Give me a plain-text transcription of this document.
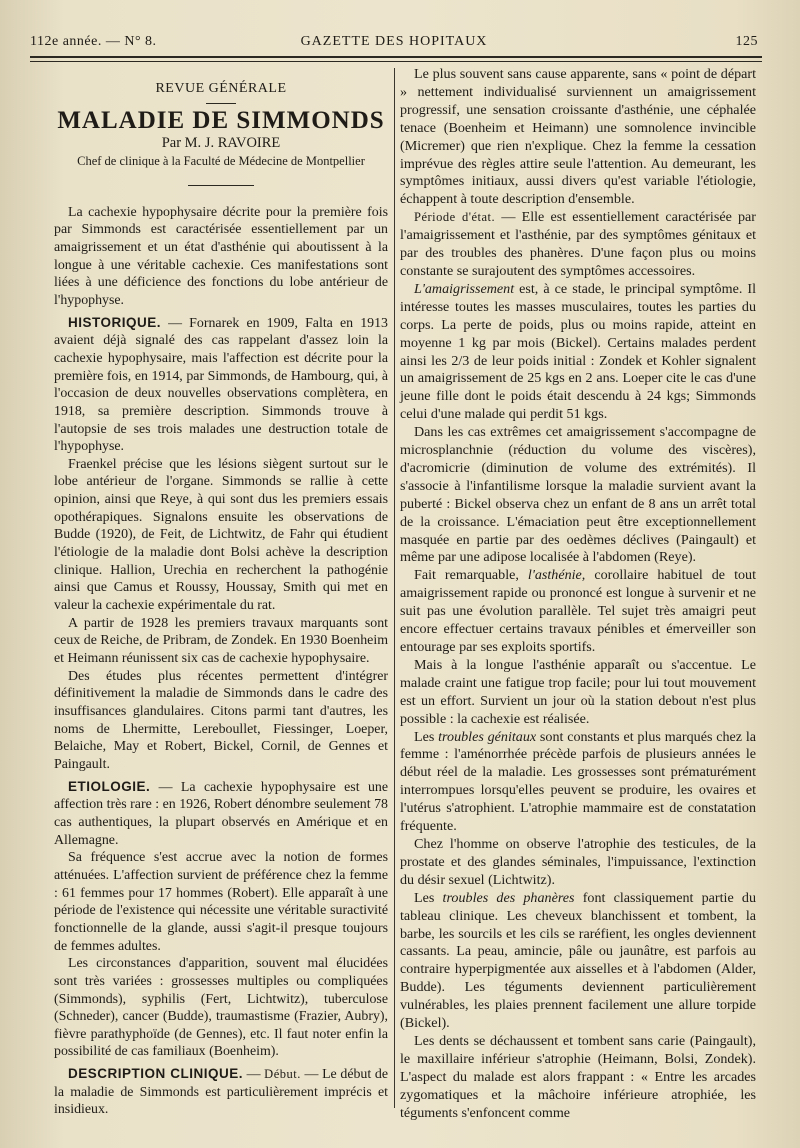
112e année. — N° 8.	GAZETTE DES HOPITAUX	125
REVUE GÉNÉRALE
MALADIE DE SIMMONDS

Par M. J. RAVOIRE

Chef de clinique à la Faculté de Médecine de Montpellier

La cachexie hypophysaire décrite pour la première fois par Simmonds est caractérisée essentiellement par un amaigrissement et un état d'asthénie qui aboutissent à la longue à une véritable cachexie. Ces manifestations sont liées à une déficience des fonctions du lobe antérieur de l'hypophyse.

HISTORIQUE. — Fornarek en 1909, Falta en 1913 avaient déjà signalé des cas rappelant d'assez loin la cachexie hypophysaire, mais l'affection est décrite pour la première fois, en 1914, par Simmonds, de Hambourg, qui, à l'occasion de deux nouvelles observations complètera, en 1918, sa première description. Simmonds trouve à l'autopsie de ses trois malades une destruction totale de l'hypophyse.

Fraenkel précise que les lésions siègent surtout sur le lobe antérieur de l'organe. Simmonds se rallie à cette opinion, ainsi que Reye, à qui sont dus les premiers essais opothérapiques. Signalons ensuite les observations de Budde (1920), de Feit, de Lichtwitz, de Fahr qui étudient l'étiologie de la maladie dont Bolsi achève la description clinique. Hallion, Urechia en recherchent la pathogénie ainsi que Camus et Roussy, Houssay, Smith qui met en valeur la cachexie expérimentale du rat.

A partir de 1928 les premiers travaux marquants sont ceux de Reiche, de Pribram, de Zondek. En 1930 Boenheim et Heimann réunissent six cas de cachexie hypophysaire.

Des études plus récentes permettent d'intégrer définitivement la maladie de Simmonds dans le cadre des insuffisances glandulaires. Citons parmi tant d'autres, les noms de Lhermitte, Lereboullet, Fiessinger, Loeper, Belaiche, May et Robert, Bickel, Cornil, de Gennes et Paingault.

ETIOLOGIE. — La cachexie hypophysaire est une affection très rare : en 1926, Robert dénombre seulement 78 cas authentiques, la plupart observés en Amérique et en Allemagne.

Sa fréquence s'est accrue avec la notion de formes atténuées. L'affection survient de préférence chez la femme : 61 femmes pour 17 hommes (Robert). Elle apparaît à une période de l'existence qui nécessite une véritable suractivité fonctionnelle de la glande, aussi s'agit-il presque toujours de femmes adultes.

Les circonstances d'apparition, souvent mal élucidées sont très variées : grossesses multiples ou compliquées (Simmonds), syphilis (Fert, Lichtwitz), tuberculose (Schneder), cancer (Budde), traumastisme (Frazier, Aubry), fièvre parathyphoïde (de Gennes), etc. Il faut noter enfin la possibilité de cas familiaux (Boenheim).

DESCRIPTION CLINIQUE. — Début. — Le début de la maladie de Simmonds est particulièrement imprécis et insidieux.

Le plus souvent sans cause apparente, sans « point de départ » nettement individualisé surviennent un amaigrissement progressif, une sensation croissante d'asthénie, une céphalée tenace (Boenheim et Heimann) une somnolence invincible (Micremer) que rien n'explique. Chez la femme la cessation imprévue des règles attire seule l'attention. Au demeurant, les symptômes initiaux, aussi divers qu'est variable l'étiologie, échappent à toute description d'ensemble.

Période d'état. — Elle est essentiellement caractérisée par l'amaigrissement et l'asthénie, par des symptômes génitaux et par des troubles des phanères. D'une façon plus ou moins constante se surajoutent des symptômes accessoires.

L'amaigrissement est, à ce stade, le principal symptôme. Il intéresse toutes les masses musculaires, toutes les parties du corps. La perte de poids, plus ou moins rapide, atteint en moyenne 1 kg par mois (Bickel). Certains malades perdent ainsi les 2/3 de leur poids initial : Zondek et Kohler signalent un amaigrissement de 25 kgs en 2 ans. Loeper cite le cas d'une jeune fille dont le poids était descendu à 24 kgs; Simmonds celui d'une malade qui perdit 51 kgs.

Dans les cas extrêmes cet amaigrissement s'accompagne de microsplanchnie (réduction du volume des viscères), d'acromicrie (diminution de volume des extrémités). Il s'associe à l'infantilisme lorsque la maladie survient avant la puberté : Bickel observa chez un enfant de 8 ans un arrêt total de la croissance. L'émaciation peut être exceptionnellement masquée en partie par des oedèmes déclives (Paingault) et même par une adipose localisée à l'abdomen (Reye).

Fait remarquable, l'asthénie, corollaire habituel de tout amaigrissement rapide ou prononcé est longue à survenir et ne suit pas une évolution parallèle. Tel sujet très amaigri peut encore effectuer certains travaux pénibles et émerveiller son entourage par ses exploits sportifs.

Mais à la longue l'asthénie apparaît ou s'accentue. Le malade craint une fatigue trop facile; pour lui tout mouvement est un effort. Survient un jour où la station debout n'est plus possible : la cachexie est réalisée.

Les troubles génitaux sont constants et plus marqués chez la femme : l'aménorrhée précède parfois de plusieurs années le début réel de la maladie. Les grossesses sont prématurément interrompues lorsqu'elles peuvent se produire, les ovaires et l'utérus s'atrophient. L'atrophie mammaire est de constatation fréquente.

Chez l'homme on observe l'atrophie des testicules, de la prostate et des glandes séminales, l'impuissance, l'extinction du désir sexuel (Lichtwitz).

Les troubles des phanères font classiquement partie du tableau clinique. Les cheveux blanchissent et tombent, la barbe, les sourcils et les cils se raréfient, les ongles deviennent cassants. La peau, amincie, pâle ou jaunâtre, est parfois au contraire hyperpigmentée aux aisselles et à l'abdomen (Alder, Budde). Les téguments deviennent particulièrement vulnérables, les plaies prennent facilement une allure torpide (Bickel).

Les dents se déchaussent et tombent sans carie (Paingault), le maxillaire inférieur s'atrophie (Heimann, Bolsi, Zondek). L'aspect du malade est alors frappant : « Entre les arcades zygomatiques et la mâchoire inférieure atrophiée, les téguments s'enfoncent comme
